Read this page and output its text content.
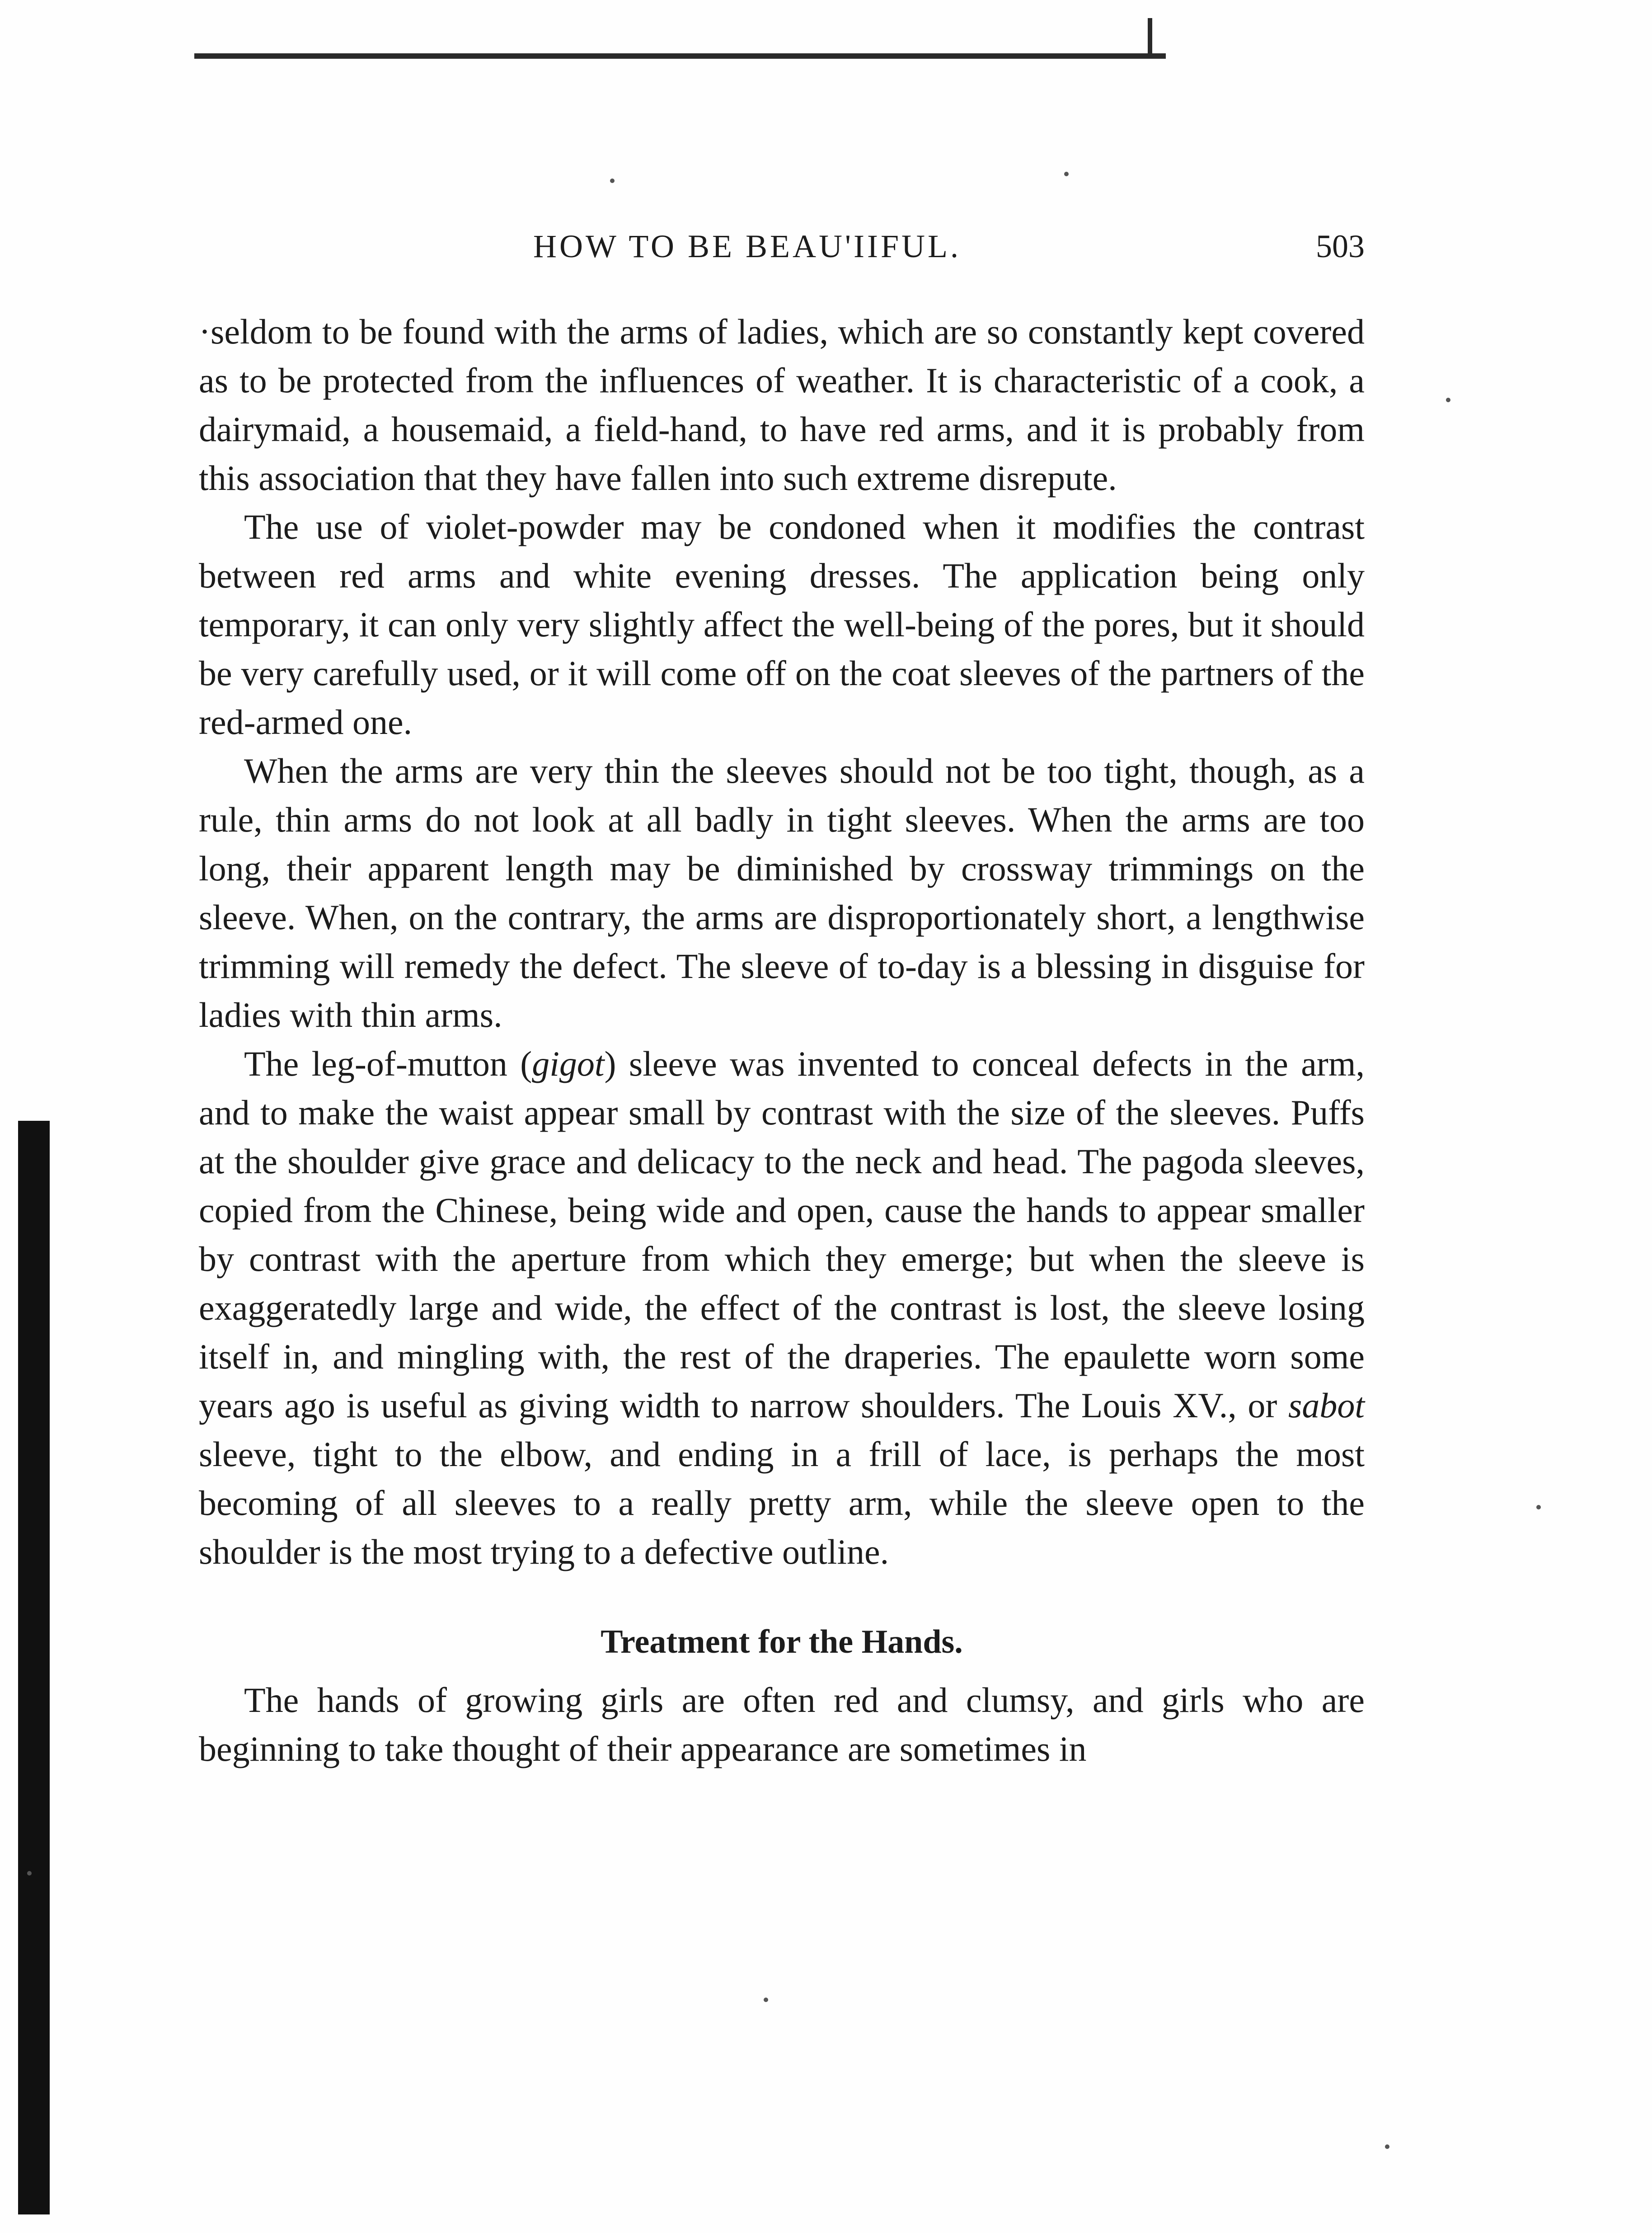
HOW TO BE BEAU'IIFUL.	503

·seldom to be found with the arms of ladies, which are so constantly kept covered as to be protected from the influences of weather. It is characteristic of a cook, a dairymaid, a housemaid, a field-hand, to have red arms, and it is probably from this association that they have fallen into such extreme disrepute.

The use of violet-powder may be condoned when it modifies the contrast between red arms and white evening dresses. The application being only temporary, it can only very slightly affect the well-being of the pores, but it should be very carefully used, or it will come off on the coat sleeves of the partners of the red-armed one.

When the arms are very thin the sleeves should not be too tight, though, as a rule, thin arms do not look at all badly in tight sleeves. When the arms are too long, their apparent length may be diminished by crossway trimmings on the sleeve. When, on the contrary, the arms are disproportionately short, a lengthwise trimming will remedy the defect. The sleeve of to-day is a blessing in disguise for ladies with thin arms.

The leg-of-mutton (gigot) sleeve was invented to conceal defects in the arm, and to make the waist appear small by contrast with the size of the sleeves. Puffs at the shoulder give grace and delicacy to the neck and head. The pagoda sleeves, copied from the Chinese, being wide and open, cause the hands to appear smaller by contrast with the aperture from which they emerge; but when the sleeve is exaggeratedly large and wide, the effect of the contrast is lost, the sleeve losing itself in, and mingling with, the rest of the draperies. The epaulette worn some years ago is useful as giving width to narrow shoulders. The Louis XV., or sabot sleeve, tight to the elbow, and ending in a frill of lace, is perhaps the most becoming of all sleeves to a really pretty arm, while the sleeve open to the shoulder is the most trying to a defective outline.

Treatment for the Hands.

The hands of growing girls are often red and clumsy, and girls who are beginning to take thought of their appearance are sometimes in
